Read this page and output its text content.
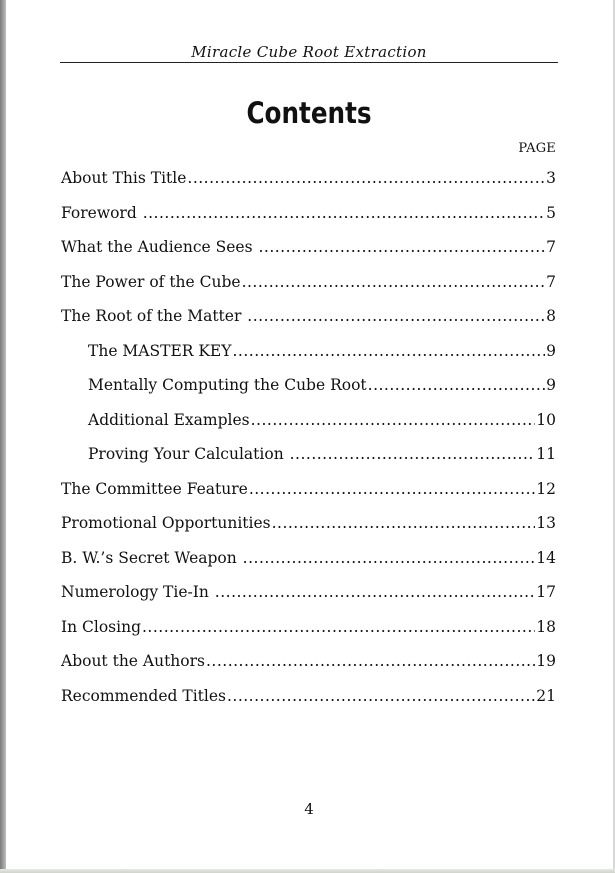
Miracle Cube Root Extraction
Contents
PAGE
About This Title .....	3
Foreword .....	5
What the Audience Sees .....	7
The Power of the Cube .....	7
The Root of the Matter .....	8
The MASTER KEY .....	9
Mentally Computing the Cube Root .....	9
Additional Examples .....	10
Proving Your Calculation .....	11
The Committee Feature .....	12
Promotional Opportunities .....	13
B. W.’s Secret Weapon .....	14
Numerology Tie-In .....	17
In Closing .....	18
About the Authors .....	19
Recommended Titles .....	21
4
